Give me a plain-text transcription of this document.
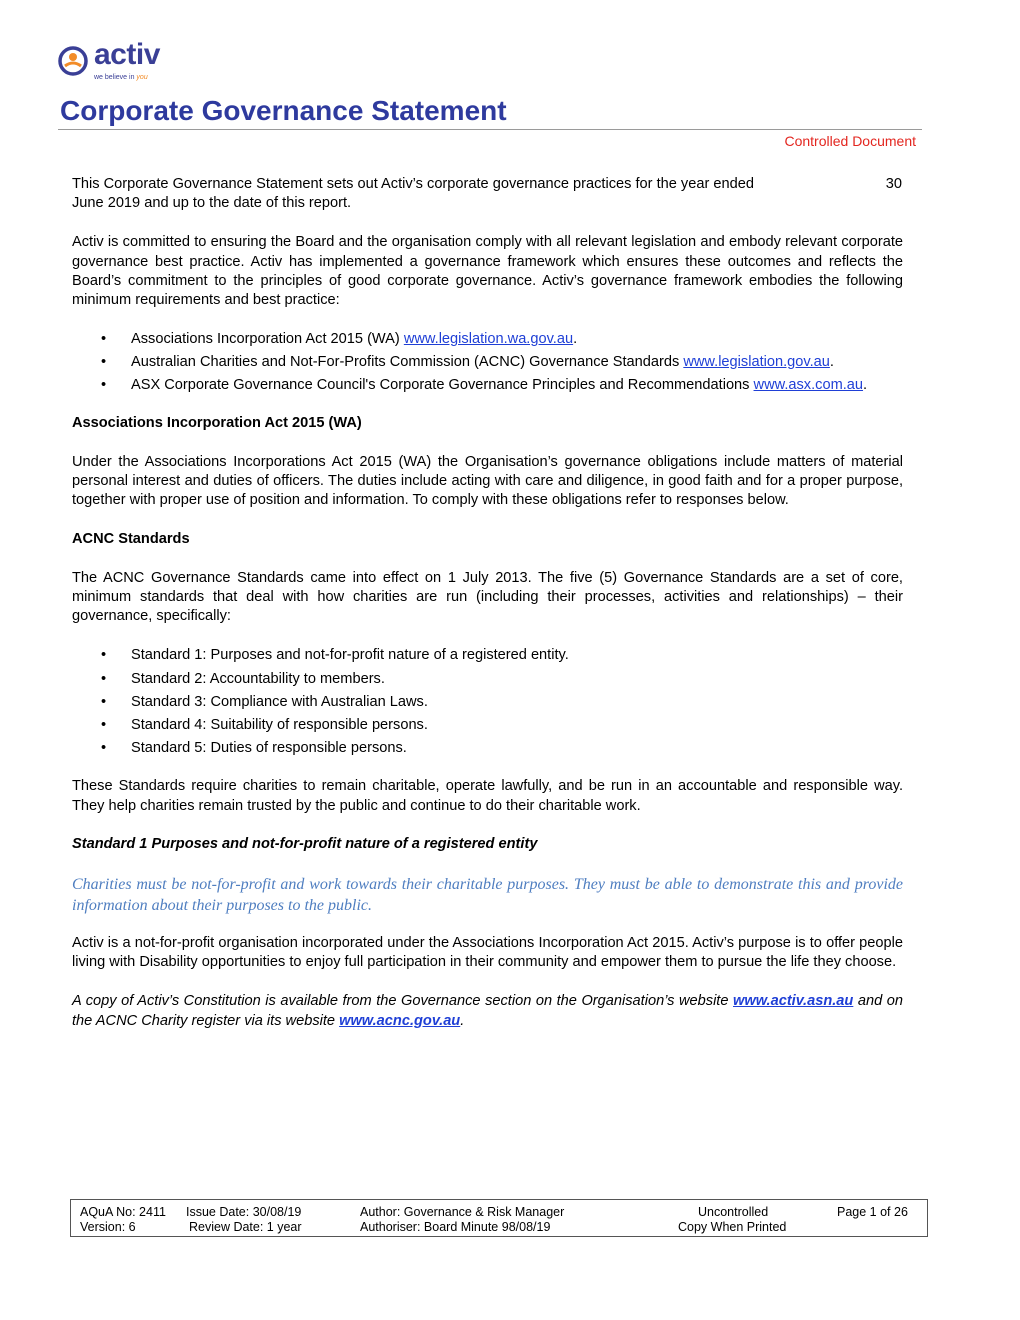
activ
we believe in you
Corporate Governance Statement
Controlled Document

This Corporate Governance Statement sets out Activ’s corporate governance practices for the year ended	30

June 2019 and up to the date of this report.

Activ is committed to ensuring the Board and the organisation comply with all relevant legislation and embody relevant corporate governance best practice. Activ has implemented a governance framework which ensures these outcomes and reflects the Board’s commitment to the principles of good corporate governance. Activ’s governance framework embodies the following minimum requirements and best practice:

• Associations Incorporation Act 2015 (WA) www.legislation.wa.gov.au.
• Australian Charities and Not-For-Profits Commission (ACNC) Governance Standards www.legislation.gov.au.
• ASX Corporate Governance Council's Corporate Governance Principles and Recommendations www.asx.com.au.
Associations Incorporation Act 2015 (WA)

Under the Associations Incorporations Act 2015 (WA) the Organisation’s governance obligations include matters of material personal interest and duties of officers. The duties include acting with care and diligence, in good faith and for a proper purpose, together with proper use of position and information. To comply with these obligations refer to responses below.

ACNC Standards

The ACNC Governance Standards came into effect on 1 July 2013. The five (5) Governance Standards are a set of core, minimum standards that deal with how charities are run (including their processes, activities and relationships) – their governance, specifically:

• Standard 1: Purposes and not-for-profit nature of a registered entity.
• Standard 2: Accountability to members.
• Standard 3: Compliance with Australian Laws.
• Standard 4: Suitability of responsible persons.
• Standard 5: Duties of responsible persons.

These Standards require charities to remain charitable, operate lawfully, and be run in an accountable and responsible way. They help charities remain trusted by the public and continue to do their charitable work.

Standard 1 Purposes and not-for-profit nature of a registered entity

Charities must be not-for-profit and work towards their charitable purposes. They must be able to demonstrate this and provide information about their purposes to the public.

Activ is a not-for-profit organisation incorporated under the Associations Incorporation Act 2015. Activ’s purpose is to offer people living with Disability opportunities to enjoy full participation in their community and empower them to pursue the life they choose.

A copy of Activ’s Constitution is available from the Governance section on the Organisation’s website www.activ.asn.au and on the ACNC Charity register via its website www.acnc.gov.au.

AQuA No: 2411 Issue Date: 30/08/19	Author: Governance & Risk Manager	Uncontrolled	Page 1 of 26
Version: 6	Review Date: 1 year	Authoriser: Board Minute 98/08/19	Copy When Printed
